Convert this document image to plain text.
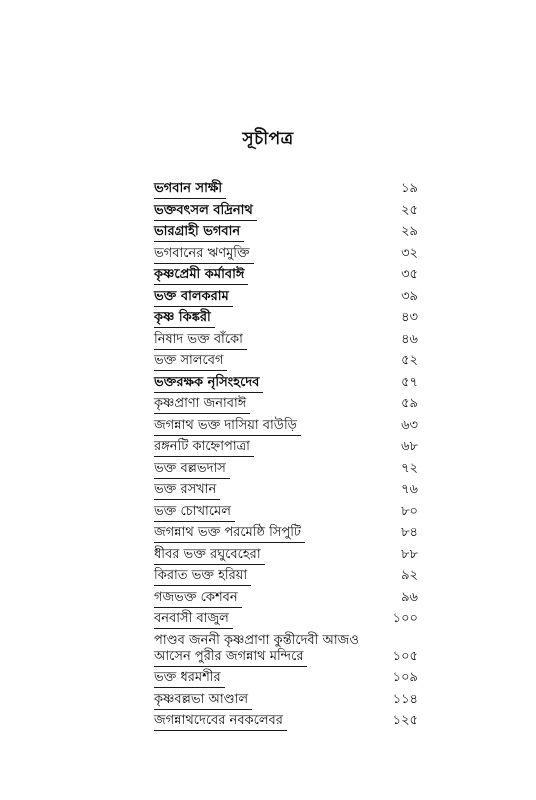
সূচীপত্র
ভগবান সাক্ষী	১৯
ভক্তবৎসল বদ্রিনাথ	২৫
ভারগ্রাহী ভগবান	২৯
ভগবানের ঋণমুক্তি	৩২
কৃষ্ণপ্রেমী কর্মাবাঈ	৩৫
ভক্ত বালকরাম	৩৯
কৃষ্ণ কিঙ্করী	৪৩
নিষাদ ভক্ত বাঁকো	৪৬
ভক্ত সালবেগ	৫২
ভক্তরক্ষক নৃসিংহদেব	৫৭
কৃষ্ণপ্রাণা জনাবাঈ	৫৯
জগন্নাথ ভক্ত দাসিয়া বাউড়ি	৬৩
রঙ্গনটি কাহ্নোপাত্রা	৬৮
ভক্ত বল্লভদাস	৭২
ভক্ত রসখান	৭৬
ভক্ত চোখামেল	৮০
জগন্নাথ ভক্ত পরমেষ্ঠি সিপুটি	৮৪
ধীবর ভক্ত রঘুবেহেরা	৮৮
কিরাত ভক্ত হরিয়া	৯২
গজভক্ত কেশবন	৯৬
বনবাসী বাজুল	১০০
পাণ্ডব জননী কৃষ্ণপ্রাণা কুন্তীদেবী আজও
আসেন পুরীর জগন্নাথ মন্দিরে	১০৫
ভক্ত ধরমশীর	১০৯
কৃষ্ণবল্লভা আণ্ডাল	১১৪
জগন্নাথদেবের নবকলেবর	১২৫
